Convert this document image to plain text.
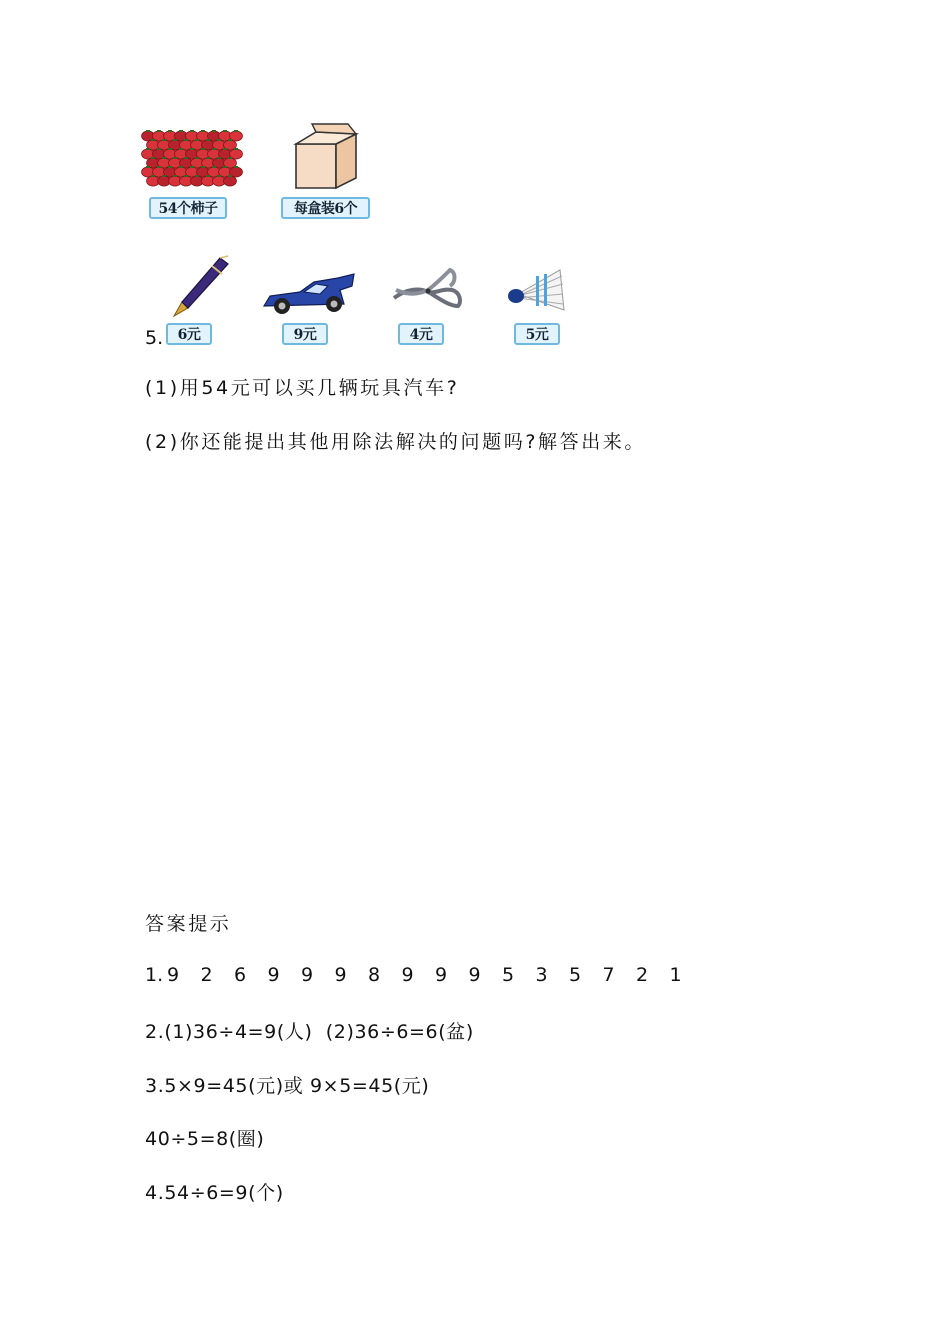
54个柿子	每盒装6个
6元	9元	4元	5元
5.
(1)用54元可以买几辆玩具汽车?
(2)你还能提出其他用除法解决的问题吗?解答出来。
答案提示
1. 9 2 6 9 9 9 8 9 9 9 5 3 5 7 2 1
2.(1)36÷4=9(人)  (2)36÷6=6(盆)
3.5×9=45(元)或 9×5=45(元)
40÷5=8(圈)
4.54÷6=9(个)
